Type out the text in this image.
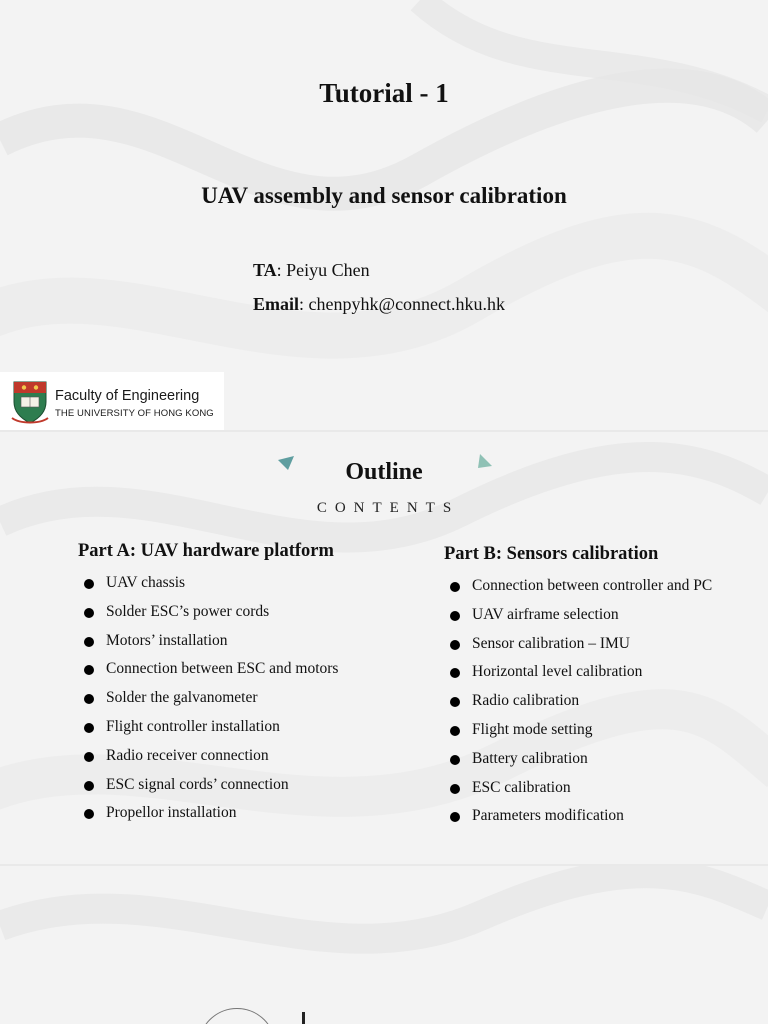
Tutorial - 1
UAV assembly and sensor calibration
TA: Peiyu Chen
Email: chenpyhk@connect.hku.hk
Faculty of Engineering
THE UNIVERSITY OF HONG KONG
Outline
CONTENTS
Part A: UAV hardware platform
UAV chassis
Solder ESC’s power cords
Motors’ installation
Connection between ESC and motors
Solder the galvanometer
Flight controller installation
Radio receiver connection
ESC signal cords’ connection
Propellor installation
Part B: Sensors calibration
Connection between controller and PC
UAV airframe selection
Sensor calibration – IMU
Horizontal level calibration
Radio calibration
Flight mode setting
Battery calibration
ESC calibration
Parameters modification
